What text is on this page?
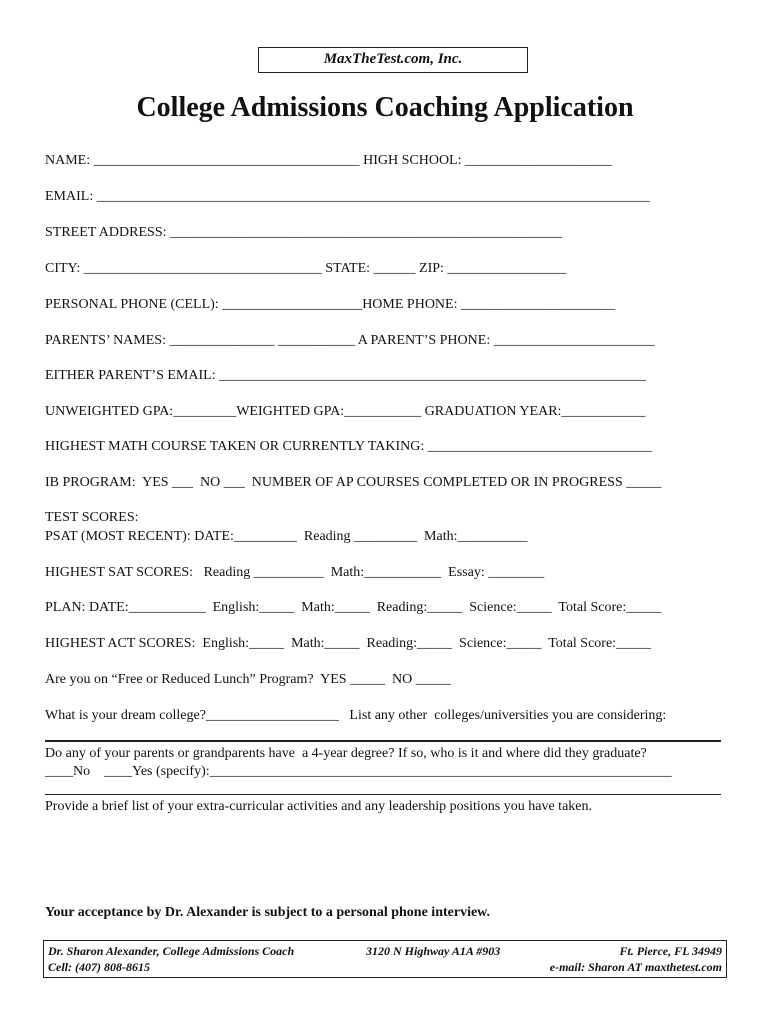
MaxTheTest.com, Inc.
College Admissions Coaching Application
NAME: ______________________________________ HIGH SCHOOL: _____________________
EMAIL: _______________________________________________________________________________
STREET ADDRESS: ________________________________________________________
CITY: __________________________________ STATE: ______ ZIP: _________________
PERSONAL PHONE (CELL): ____________________HOME PHONE: ______________________
PARENTS’ NAMES: _______________ ___________ A PARENT’S PHONE: _______________________
EITHER PARENT’S EMAIL: _____________________________________________________________
UNWEIGHTED GPA:_________WEIGHTED GPA:___________ GRADUATION YEAR:____________
HIGHEST MATH COURSE TAKEN OR CURRENTLY TAKING: ________________________________
IB PROGRAM:  YES ___  NO ___  NUMBER OF AP COURSES COMPLETED OR IN PROGRESS _____
TEST SCORES:
PSAT (MOST RECENT): DATE:_________  Reading _________  Math:__________
HIGHEST SAT SCORES:   Reading __________  Math:___________  Essay: ________
PLAN: DATE:___________  English:_____  Math:_____  Reading:_____  Science:_____  Total Score:_____
HIGHEST ACT SCORES:  English:_____  Math:_____  Reading:_____  Science:_____  Total Score:_____
Are you on “Free or Reduced Lunch” Program?  YES _____  NO _____
What is your dream college?___________________   List any other  colleges/universities you are considering:
Do any of your parents or grandparents have  a 4-year degree? If so, who is it and where did they graduate?
____No    ____Yes (specify):__________________________________________________________________
Provide a brief list of your extra-curricular activities and any leadership positions you have taken.
Your acceptance by Dr. Alexander is subject to a personal phone interview.
Dr. Sharon Alexander, College Admissions Coach
Cell: (407) 808-8615
3120 N Highway A1A #903	Ft. Pierce, FL 34949
e-mail: Sharon AT maxthetest.com
